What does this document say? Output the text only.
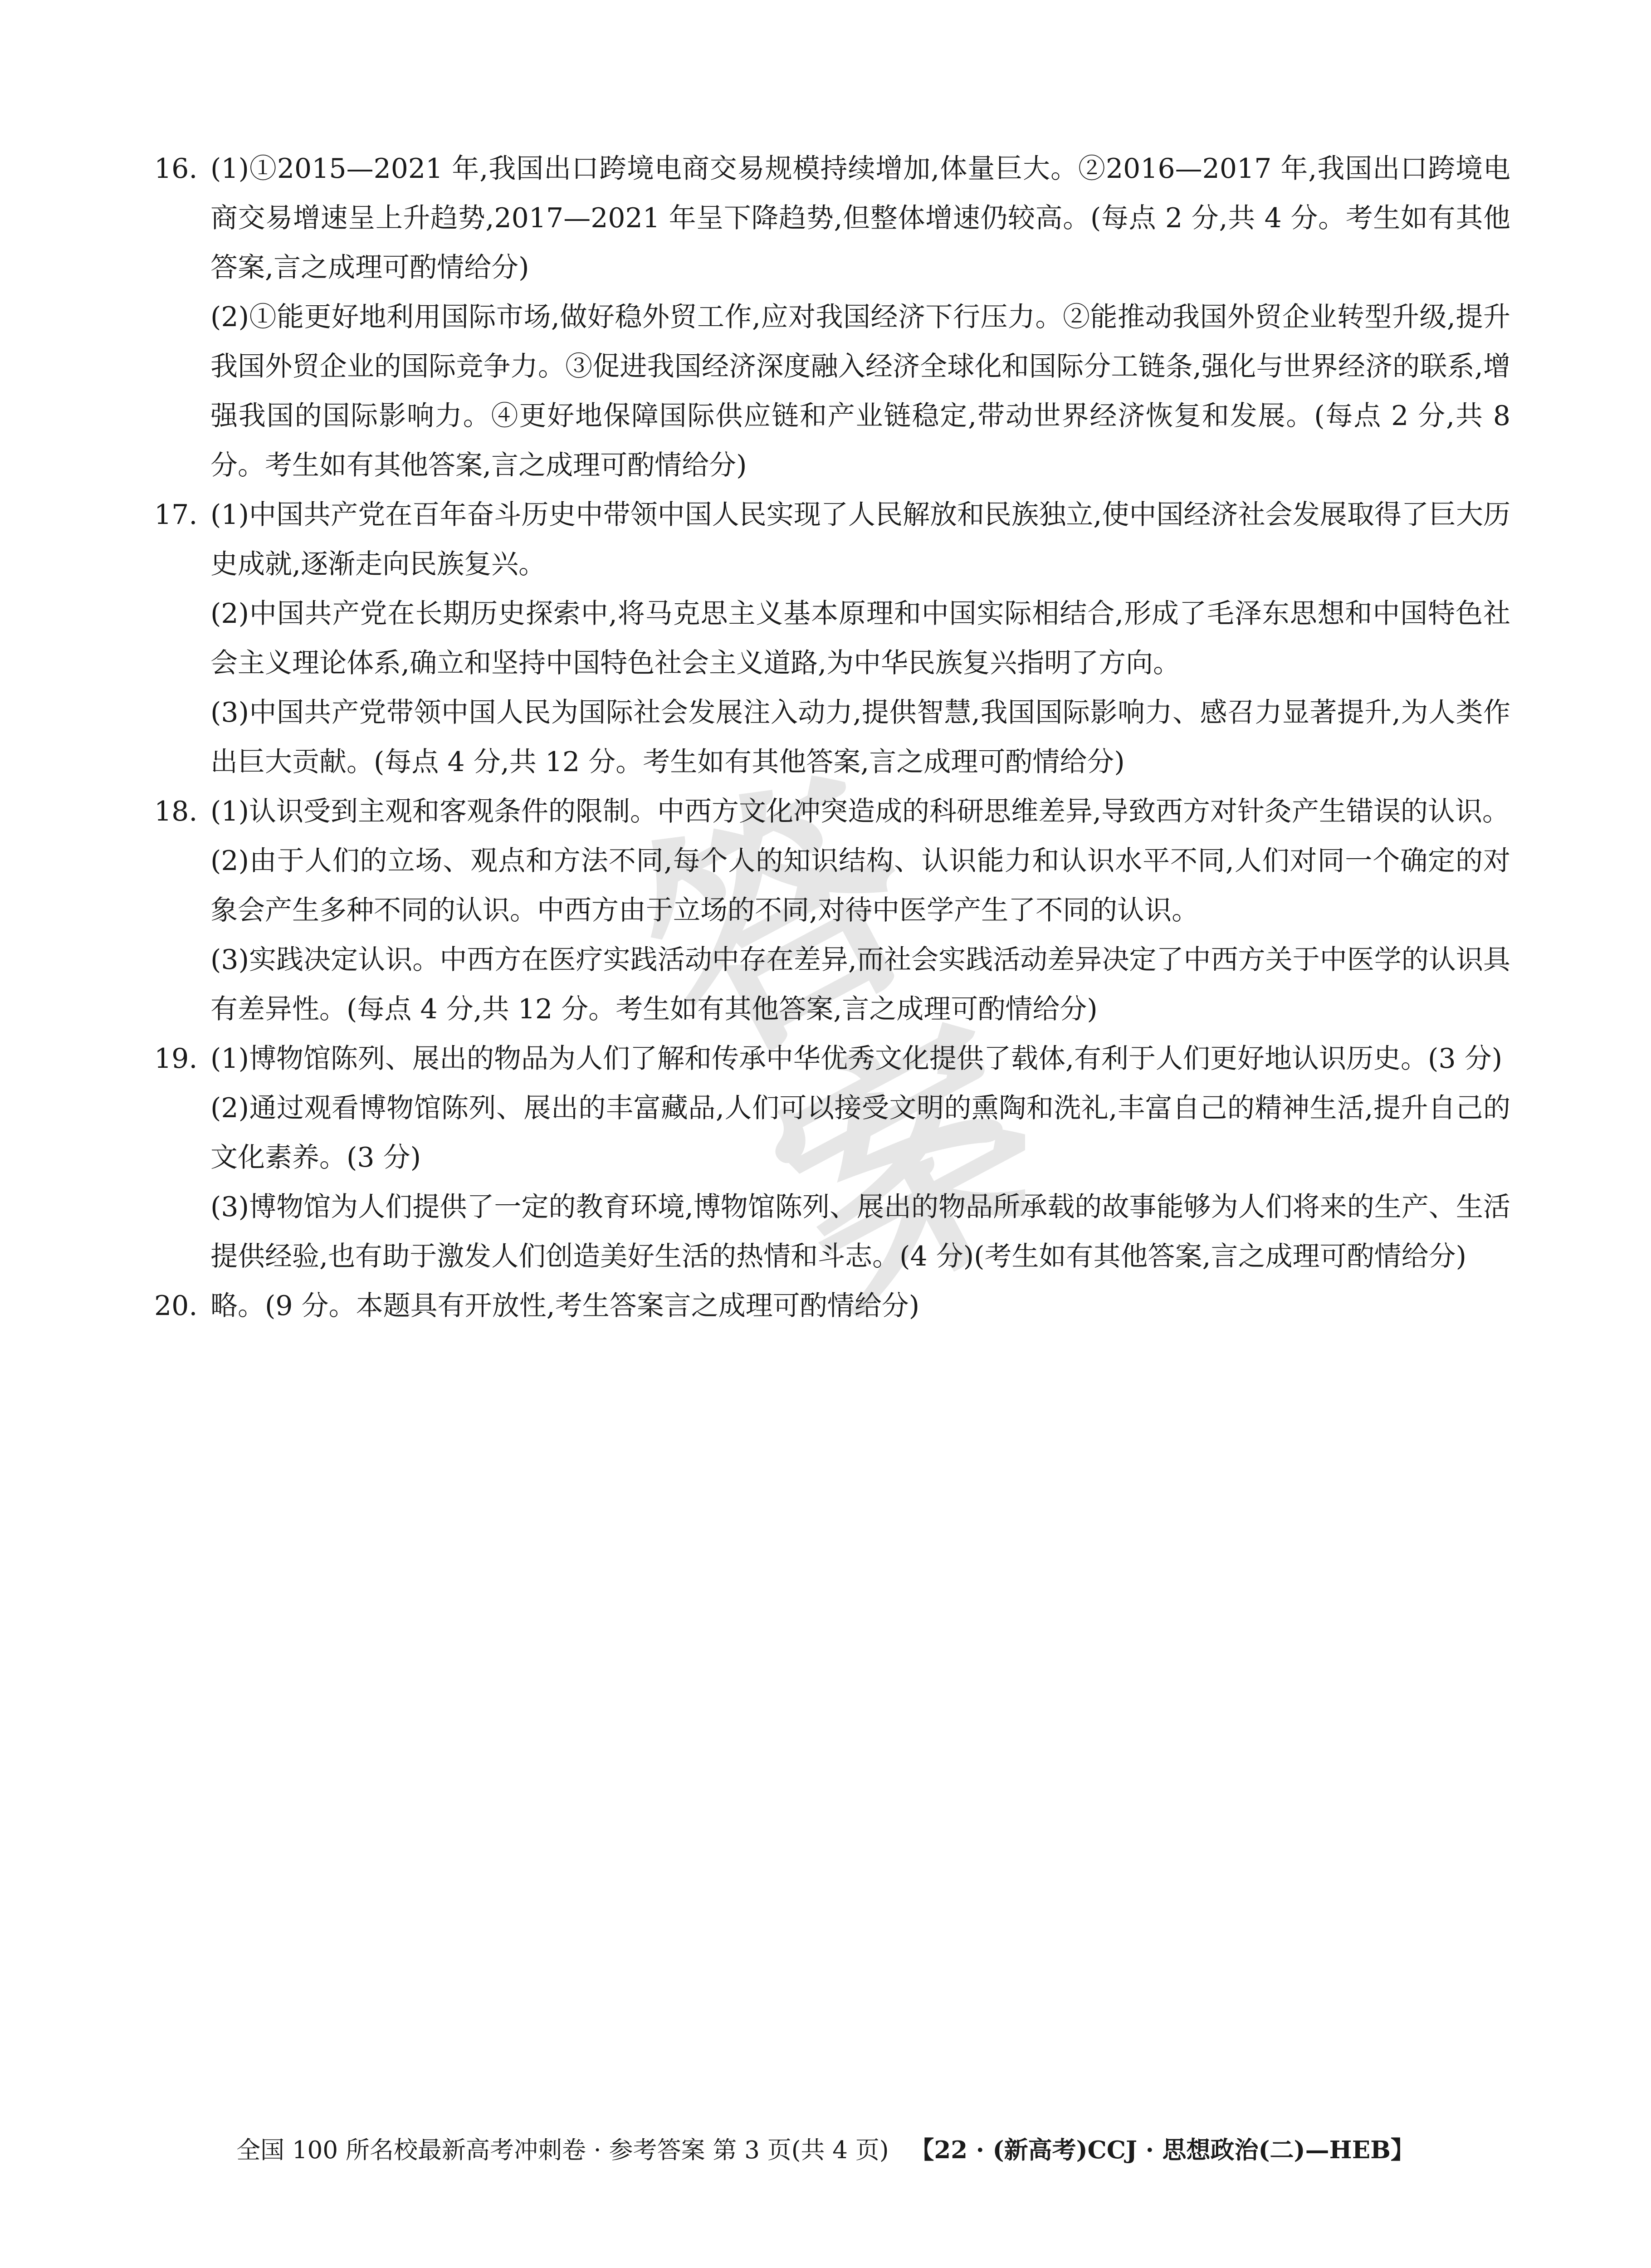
答案
16. (1)①2015—2021 年,我国出口跨境电商交易规模持续增加,体量巨大。②2016—2017 年,我国出口跨境电商交易增速呈上升趋势,2017—2021 年呈下降趋势,但整体增速仍较高。(每点 2 分,共 4 分。考生如有其他答案,言之成理可酌情给分)

(2)①能更好地利用国际市场,做好稳外贸工作,应对我国经济下行压力。②能推动我国外贸企业转型升级,提升我国外贸企业的国际竞争力。③促进我国经济深度融入经济全球化和国际分工链条,强化与世界经济的联系,增强我国的国际影响力。④更好地保障国际供应链和产业链稳定,带动世界经济恢复和发展。(每点 2 分,共 8 分。考生如有其他答案,言之成理可酌情给分)

17. (1)中国共产党在百年奋斗历史中带领中国人民实现了人民解放和民族独立,使中国经济社会发展取得了巨大历史成就,逐渐走向民族复兴。

(2)中国共产党在长期历史探索中,将马克思主义基本原理和中国实际相结合,形成了毛泽东思想和中国特色社会主义理论体系,确立和坚持中国特色社会主义道路,为中华民族复兴指明了方向。

(3)中国共产党带领中国人民为国际社会发展注入动力,提供智慧,我国国际影响力、感召力显著提升,为人类作出巨大贡献。(每点 4 分,共 12 分。考生如有其他答案,言之成理可酌情给分)

18. (1)认识受到主观和客观条件的限制。中西方文化冲突造成的科研思维差异,导致西方对针灸产生错误的认识。

(2)由于人们的立场、观点和方法不同,每个人的知识结构、认识能力和认识水平不同,人们对同一个确定的对象会产生多种不同的认识。中西方由于立场的不同,对待中医学产生了不同的认识。

(3)实践决定认识。中西方在医疗实践活动中存在差异,而社会实践活动差异决定了中西方关于中医学的认识具有差异性。(每点 4 分,共 12 分。考生如有其他答案,言之成理可酌情给分)

19. (1)博物馆陈列、展出的物品为人们了解和传承中华优秀文化提供了载体,有利于人们更好地认识历史。(3 分)

(2)通过观看博物馆陈列、展出的丰富藏品,人们可以接受文明的熏陶和洗礼,丰富自己的精神生活,提升自己的文化素养。(3 分)

(3)博物馆为人们提供了一定的教育环境,博物馆陈列、展出的物品所承载的故事能够为人们将来的生产、生活提供经验,也有助于激发人们创造美好生活的热情和斗志。(4 分)(考生如有其他答案,言之成理可酌情给分)

20. 略。(9 分。本题具有开放性,考生答案言之成理可酌情给分)

全国 100 所名校最新高考冲刺卷 · 参考答案 第 3 页(共 4 页) 【22 · (新高考)CCJ · 思想政治(二)—HEB】
